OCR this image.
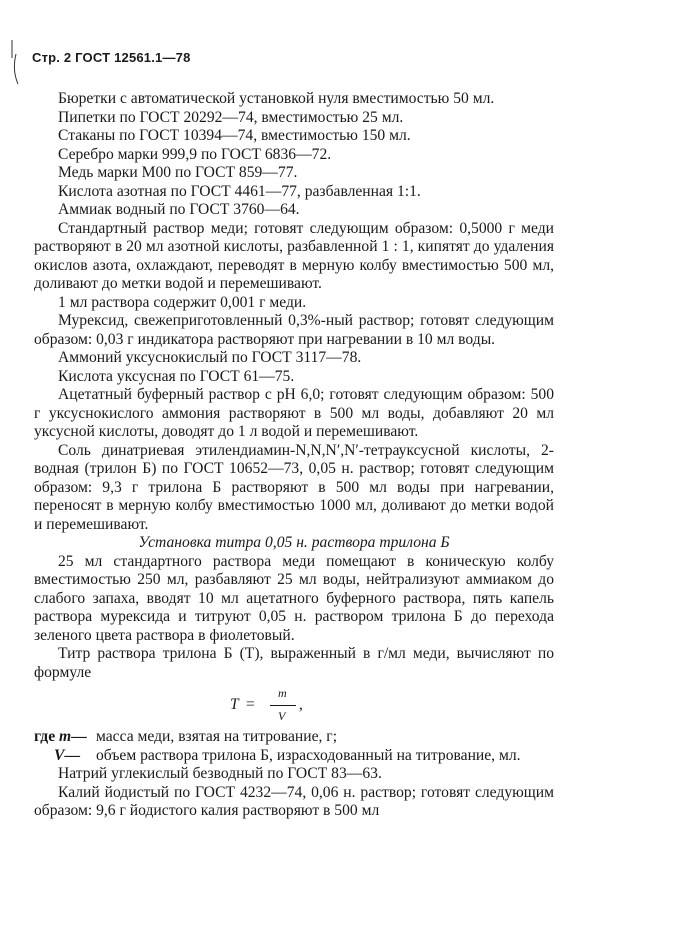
Стр. 2 ГОСТ 12561.1—78

Бюретки с автоматической установкой нуля вместимостью 50 мл.

Пипетки по ГОСТ 20292—74, вместимостью 25 мл.

Стаканы по ГОСТ 10394—74, вместимостью 150 мл.

Серебро марки 999,9 по ГОСТ 6836—72.

Медь марки М00 по ГОСТ 859—77.

Кислота азотная по ГОСТ 4461—77, разбавленная 1:1.

Аммиак водный по ГОСТ 3760—64.

Стандартный раствор меди; готовят следующим образом: 0,5000 г меди растворяют в 20 мл азотной кислоты, разбавленной 1 : 1, кипятят до удаления окислов азота, охлаждают, переводят в мерную колбу вместимостью 500 мл, доливают до метки водой и перемешивают.

1 мл раствора содержит 0,001 г меди.

Мурексид, свежеприготовленный 0,3%-ный раствор; готовят следующим образом: 0,03 г индикатора растворяют при нагревании в 10 мл воды.

Аммоний уксуснокислый по ГОСТ 3117—78.

Кислота уксусная по ГОСТ 61—75.

Ацетатный буферный раствор с рН 6,0; готовят следующим образом: 500 г уксуснокислого аммония растворяют в 500 мл воды, добавляют 20 мл уксусной кислоты, доводят до 1 л водой и перемешивают.

Соль динатриевая этилендиамин-N,N,N′,N′-тетрауксусной кислоты, 2-водная (трилон Б) по ГОСТ 10652—73, 0,05 н. раствор; готовят следующим образом: 9,3 г трилона Б растворяют в 500 мл воды при нагревании, переносят в мерную колбу вместимостью 1000 мл, доливают до метки водой и перемешивают.

Установка титра 0,05 н. раствора трилона Б

25 мл стандартного раствора меди помещают в коническую колбу вместимостью 250 мл, разбавляют 25 мл воды, нейтрализуют аммиаком до слабого запаха, вводят 10 мл ацетатного буферного раствора, пять капель раствора мурексида и титруют 0,05 н. раствором трилона Б до перехода зеленого цвета раствора в фиолетовый.

Титр раствора трилона Б (T), выраженный в г/мл меди, вычисляют по формуле

T =
m
V
,
где m— масса меди, взятая на титрование, г;
V—	объем раствора трилона Б, израсходованный на титрование, мл.

Натрий углекислый безводный по ГОСТ 83—63.

Калий йодистый по ГОСТ 4232—74, 0,06 н. раствор; готовят следующим образом: 9,6 г йодистого калия растворяют в 500 мл
